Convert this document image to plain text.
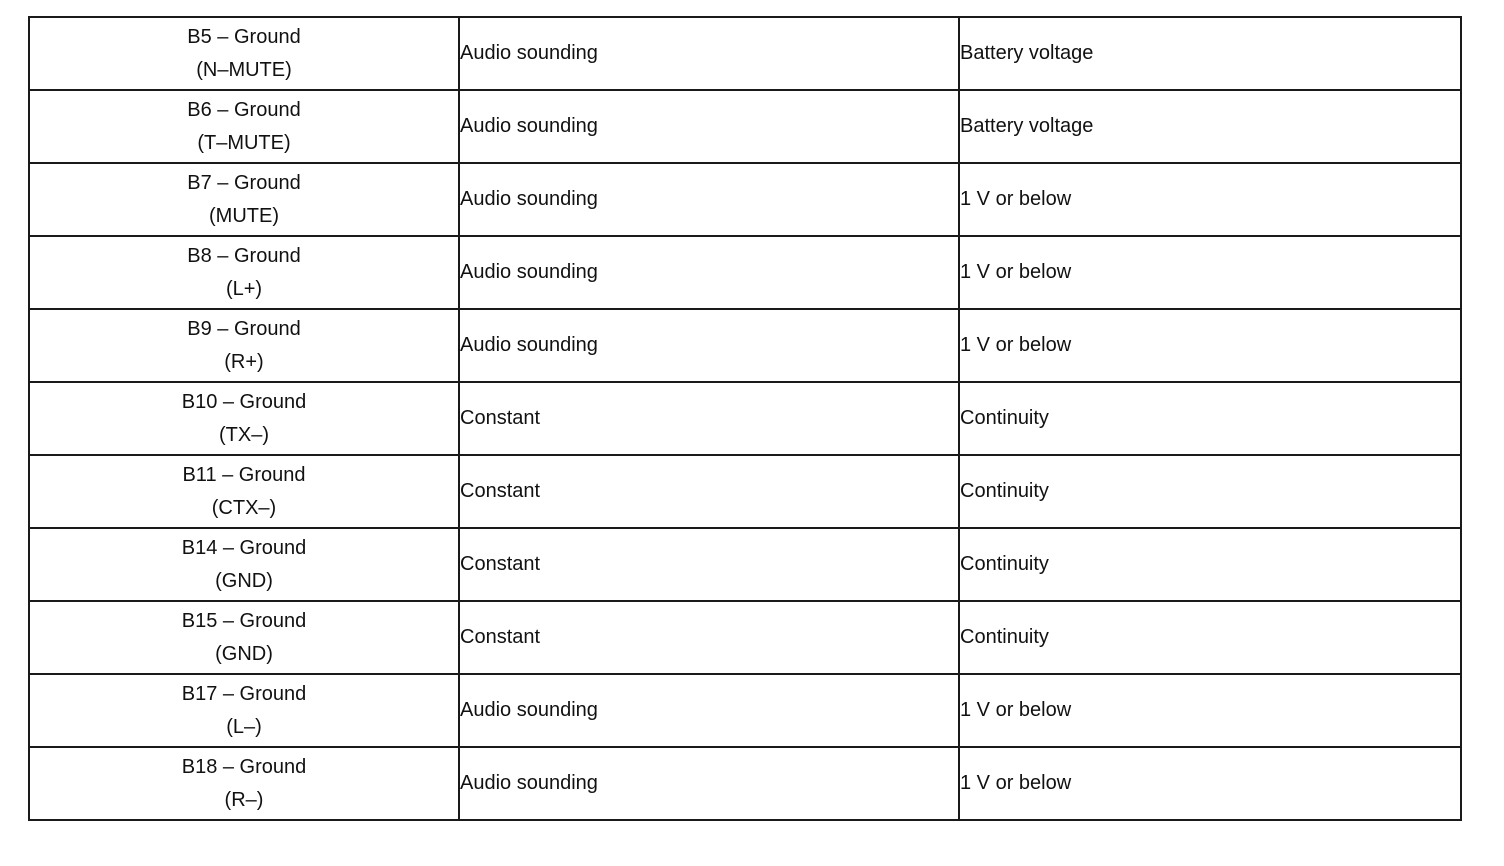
B5 – Ground
(N–MUTE)	Audio sounding	Battery voltage

B6 – Ground
(T–MUTE)	Audio sounding	Battery voltage

B7 – Ground
(MUTE)	Audio sounding	1 V or below

B8 – Ground
(L+)	Audio sounding	1 V or below

B9 – Ground
(R+)	Audio sounding	1 V or below

B10 – Ground
(TX–)	Constant	Continuity

B11 – Ground
(CTX–)	Constant	Continuity

B14 – Ground
(GND)	Constant	Continuity

B15 – Ground
(GND)	Constant	Continuity

B17 – Ground
(L–)	Audio sounding	1 V or below

B18 – Ground
(R–)	Audio sounding	1 V or below
